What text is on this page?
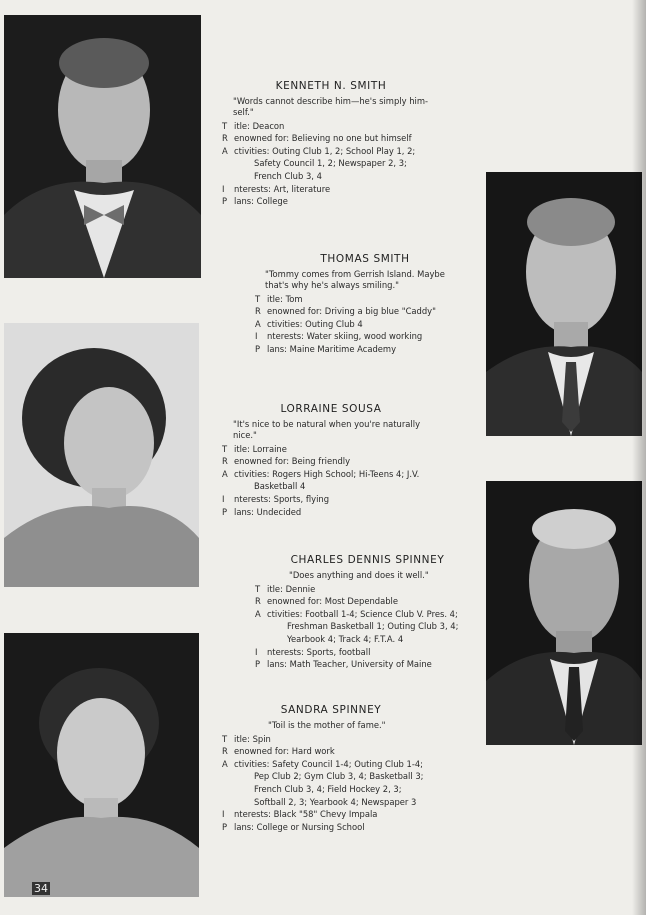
34
KENNETH N. SMITH
"Words cannot describe him—he's simply him-
self."
T itle: Deacon
R enowned for: Believing no one but himself
A ctivities: Outing Club 1, 2; School Play 1, 2;
Safety Council 1, 2; Newspaper 2, 3;
French Club 3, 4
I nterests: Art, literature
P lans: College
THOMAS SMITH
"Tommy comes from Gerrish Island. Maybe
that's why he's always smiling."
T itle: Tom
R enowned for: Driving a big blue "Caddy"
A ctivities: Outing Club 4
I nterests: Water skiing, wood working
P lans: Maine Maritime Academy
LORRAINE SOUSA
"It's nice to be natural when you're naturally
nice."
T itle: Lorraine
R enowned for: Being friendly
A ctivities: Rogers High School; Hi-Teens 4; J.V.
Basketball 4
I nterests: Sports, flying
P lans: Undecided
CHARLES DENNIS SPINNEY
"Does anything and does it well."
T itle: Dennie
R enowned for: Most Dependable
A ctivities: Football 1-4; Science Club V. Pres. 4;
Freshman Basketball 1; Outing Club 3, 4;
Yearbook 4; Track 4; F.T.A. 4
I nterests: Sports, football
P lans: Math Teacher, University of Maine
SANDRA SPINNEY
"Toil is the mother of fame."
T itle: Spin
R enowned for: Hard work
A ctivities: Safety Council 1-4; Outing Club 1-4;
Pep Club 2; Gym Club 3, 4; Basketball 3;
French Club 3, 4; Field Hockey 2, 3;
Softball 2, 3; Yearbook 4; Newspaper 3
I nterests: Black "58" Chevy Impala
P lans: College or Nursing School
